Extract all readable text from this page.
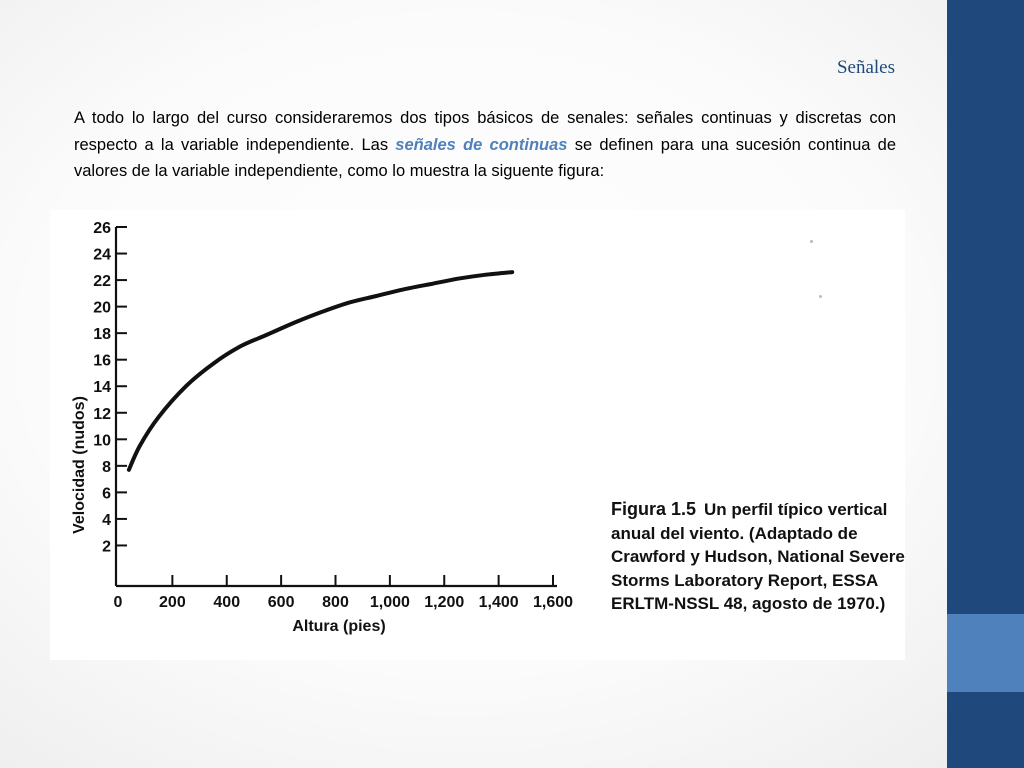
Señales
A todo lo largo del curso consideraremos dos tipos básicos de senales: señales continuas y discretas con respecto a la variable independiente. Las señales de continuas se definen para una sucesión continua de valores de la variable independiente, como lo muestra la siguente figura:
2
4
6
8
10
12
14
16
18
20
22
24
26
0 200 400 600 800 1,000 1,200 1,400 1,600
Velocidad (nudos)
Altura (pies)
Figura 1.5 Un perfil típico vertical anual del viento. (Adaptado de Crawford y Hudson, National Severe Storms Laboratory Report, ESSA ERLTM-NSSL 48, agosto de 1970.)
